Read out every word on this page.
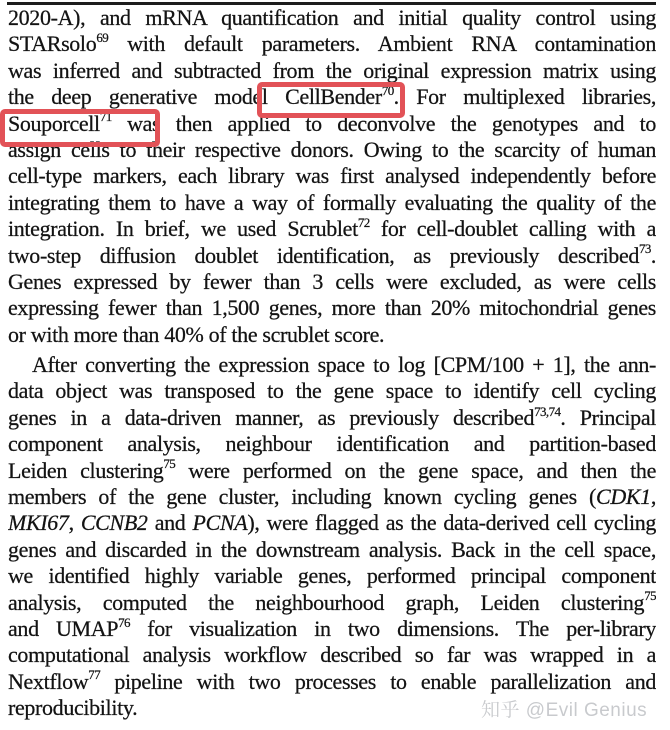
2020-A), and mRNA quantification and initial quality control using
STARsolo$^{69}$ with default parameters. Ambient RNA contamination
was inferred and subtracted from the original expression matrix using
the deep generative model CellBender$^{70}$. For multiplexed libraries,
Souporcell$^{71}$ was then applied to deconvolve the genotypes and to
assign cells to their respective donors. Owing to the scarcity of human
cell-type markers, each library was first analysed independently before
integrating them to have a way of formally evaluating the quality of the
integration. In brief, we used Scrublet$^{72}$ for cell-doublet calling with a
two-step diffusion doublet identification, as previously described$^{73}$.
Genes expressed by fewer than 3 cells were excluded, as were cells
expressing fewer than 1,500 genes, more than 20% mitochondrial genes
or with more than 40% of the scrublet score.
After converting the expression space to log [CPM/100 + 1], the ann-
data object was transposed to the gene space to identify cell cycling
genes in a data-driven manner, as previously described$^{73,74}$. Principal
component analysis, neighbour identification and partition-based
Leiden clustering$^{75}$ were performed on the gene space, and then the
members of the gene cluster, including known cycling genes (CDK1,
MKI67, CCNB2 and PCNA), were flagged as the data-derived cell cycling
genes and discarded in the downstream analysis. Back in the cell space,
we identified highly variable genes, performed principal component
analysis, computed the neighbourhood graph, Leiden clustering$^{75}$
and UMAP$^{76}$ for visualization in two dimensions. The per-library
computational analysis workflow described so far was wrapped in a
Nextflow$^{77}$ pipeline with two processes to enable parallelization and
reproducibility.	知乎 @Evil Genius
